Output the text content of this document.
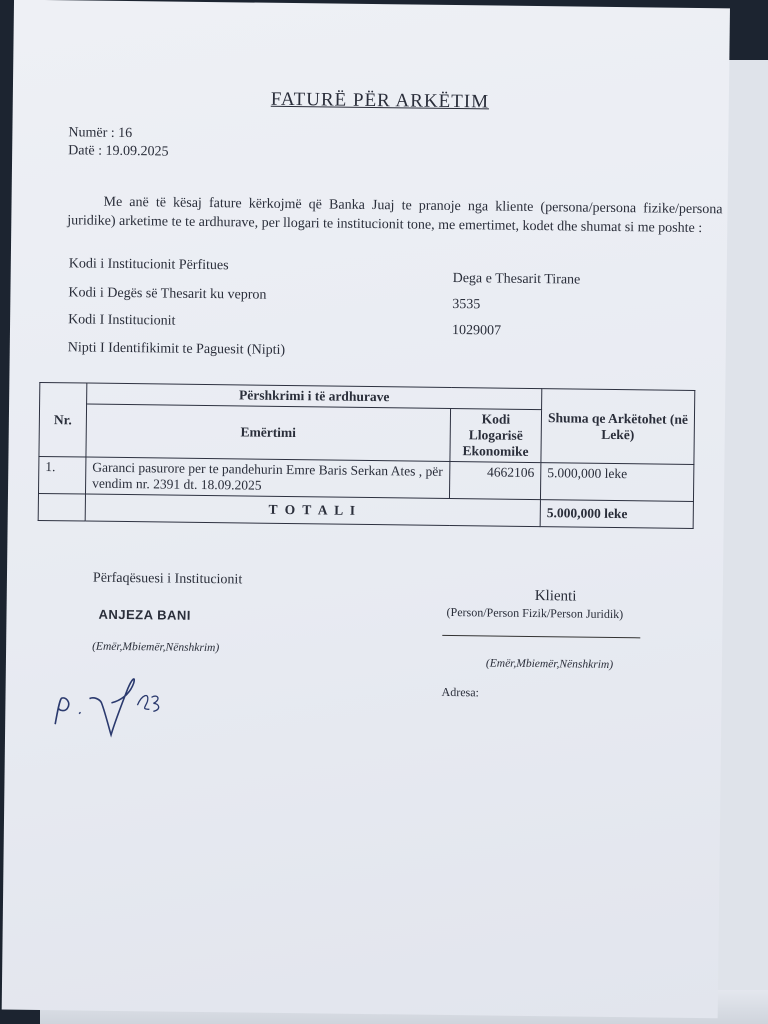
FATURË PËR ARKËTIM
Numër : 16
Datë : 19.09.2025

Me anë të kësaj fature kërkojmë që Banka Juaj te pranoje nga kliente (persona/persona fizike/persona juridike) arketime te te ardhurave, per llogari te institucionit tone, me emertimet, kodet dhe shumat si me poshte :

Kodi i Institucionit Përfitues
Dega e Thesarit Tirane
Kodi i Degës së Thesarit ku vepron
3535
Kodi I Institucionit
1029007
Nipti I Identifikimit te Paguesit (Nipti)
Nr.	Përshkrimi i të ardhurave		Shuma qe Arkëtohet (në Lekë)
	Emërtimi	Kodi Llogarisë Ekonomike	
1.	Garanci pasurore per te pandehurin Emre Baris Serkan Ates , për vendim nr. 2391 dt. 18.09.2025	4662106	5.000,000 leke
	T O T A L I		5.000,000 leke
Përfaqësuesi i Institucionit
ANJEZA BANI
(Emër,Mbiemër,Nënshkrim)
Klienti
(Person/Person Fizik/Person Juridik)
(Emër,Mbiemër,Nënshkrim)
Adresa:
